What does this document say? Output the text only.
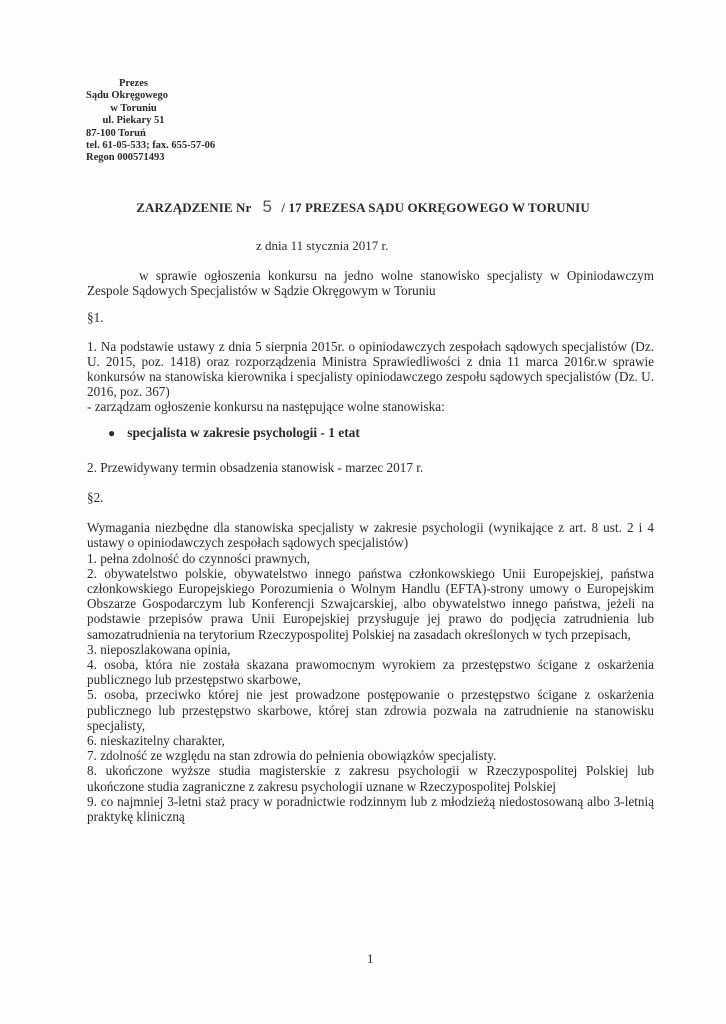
Prezes
Sądu Okręgowego
w Toruniu
ul. Piekary 51
87-100 Toruń
tel. 61-05-533; fax. 655-57-06
Regon 000571493
ZARZĄDZENIE Nr 5 / 17 PREZESA SĄDU OKRĘGOWEGO W TORUNIU
z dnia 11 stycznia 2017 r.

w sprawie ogłoszenia konkursu na jedno wolne stanowisko specjalisty w Opiniodawczym Zespole Sądowych Specjalistów w Sądzie Okręgowym w Toruniu

§1.

1. Na podstawie ustawy z dnia 5 sierpnia 2015r. o opiniodawczych zespołach sądowych specjalistów (Dz. U. 2015, poz. 1418) oraz rozporządzenia Ministra Sprawiedliwości z dnia 11 marca 2016r.w sprawie konkursów na stanowiska kierownika i specjalisty opiniodawczego zespołu sądowych specjalistów (Dz. U. 2016, poz. 367)

- zarządzam ogłoszenie konkursu na następujące wolne stanowiska:

● specjalista w zakresie psychologii - 1 etat

2. Przewidywany termin obsadzenia stanowisk - marzec 2017 r.

§2.

Wymagania niezbędne dla stanowiska specjalisty w zakresie psychologii (wynikające z art. 8 ust. 2 i 4 ustawy o opiniodawczych zespołach sądowych specjalistów)

1. pełna zdolność do czynności prawnych,
2. obywatelstwo polskie, obywatelstwo innego państwa członkowskiego Unii Europejskiej, państwa członkowskiego Europejskiego Porozumienia o Wolnym Handlu (EFTA)-strony umowy o Europejskim Obszarze Gospodarczym lub Konferencji Szwajcarskiej, albo obywatelstwo innego państwa, jeżeli na podstawie przepisów prawa Unii Europejskiej przysługuje jej prawo do podjęcia zatrudnienia lub samozatrudnienia na terytorium Rzeczypospolitej Polskiej na zasadach określonych w tych przepisach,
3. nieposzlakowana opinia,
4. osoba, która nie została skazana prawomocnym wyrokiem za przestępstwo ścigane z oskarżenia publicznego lub przestępstwo skarbowe,
5. osoba, przeciwko której nie jest prowadzone postępowanie o przestępstwo ścigane z oskarżenia publicznego lub przestępstwo skarbowe, której stan zdrowia pozwala na zatrudnienie na stanowisku specjalisty,
6. nieskazitelny charakter,
7. zdolność ze względu na stan zdrowia do pełnienia obowiązków specjalisty.
8. ukończone wyższe studia magisterskie z zakresu psychologii w Rzeczypospolitej Polskiej lub ukończone studia zagraniczne z zakresu psychologii uznane w Rzeczypospolitej Polskiej
9. co najmniej 3-letni staż pracy w poradnictwie rodzinnym lub z młodzieżą niedostosowaną albo 3-letnią praktykę kliniczną
1
